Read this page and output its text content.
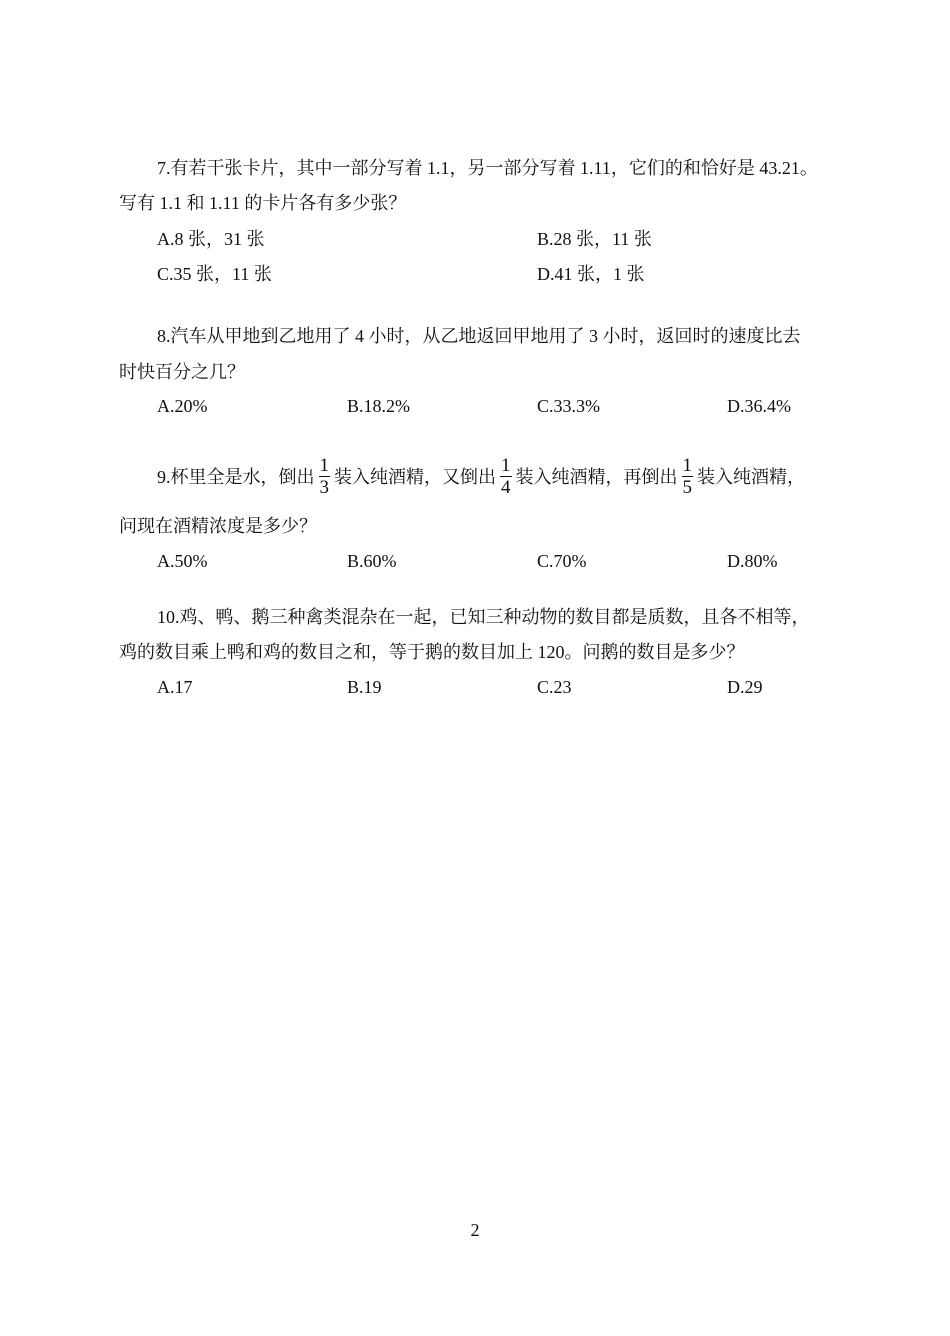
7.有若干张卡片，其中一部分写着 1.1，另一部分写着 1.11，它们的和恰好是 43.21。
写有 1.1 和 1.11 的卡片各有多少张？
A.8 张，31 张	B.28 张，11 张
C.35 张，11 张	D.41 张，1 张
8.汽车从甲地到乙地用了 4 小时，从乙地返回甲地用了 3 小时，返回时的速度比去
时快百分之几？
A.20%	B.18.2%	C.33.3%	D.36.4%
9.杯里全是水，倒出 $\frac{1}{3}$ 装入纯酒精，又倒出 $\frac{1}{4}$ 装入纯酒精，再倒出 $\frac{1}{5}$ 装入纯酒精，
问现在酒精浓度是多少？
A.50%	B.60%	C.70%	D.80%
10.鸡、鸭、鹅三种禽类混杂在一起，已知三种动物的数目都是质数，且各不相等，
鸡的数目乘上鸭和鸡的数目之和，等于鹅的数目加上 120。问鹅的数目是多少？
A.17	B.19	C.23	D.29
2
